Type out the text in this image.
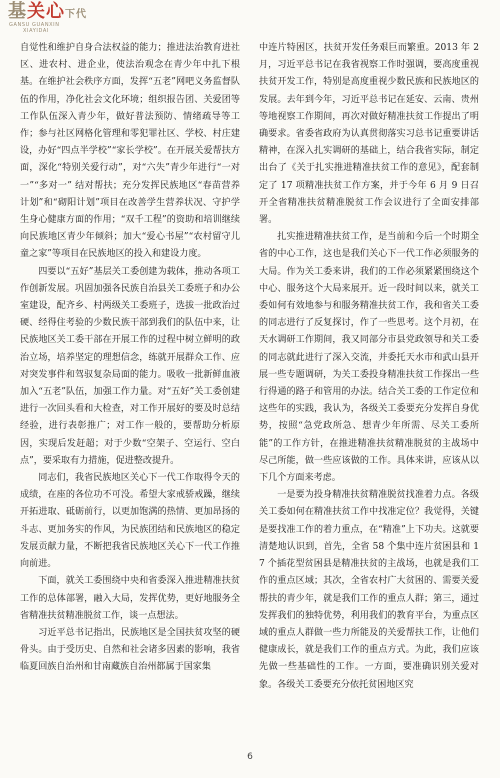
基关心下代
GANSU GUANXIN
XIAYIDAI

自觉性和维护自身合法权益的能力；推进法治教育进社区、进农村、进企业，使法治观念在青少年中扎下根基。在维护社会秩序方面，发挥“五老”网吧义务监督队伍的作用，净化社会文化环境；组织报告团、关爱团等工作队伍深入青少年，做好普法预防、情绪疏导等工作；参与社区网格化管理和零犯罪社区、学校、村庄建设，办好“四点半学校”“家长学校”。在开展关爱帮扶方面，深化“特别关爱行动”，对“六失”青少年进行“一对一”“多对一” 结对帮扶；充分发挥民族地区“春苗营养计划”和“砌阳计划”项目在改善学生营养状况、守护学生身心健康方面的作用；“双千工程”的资助和培训继续向民族地区青少年倾斜；加大“爱心书屋”“农村留守儿童之家”等项目在民族地区的投入和建设力度。

四要以“五好”基层关工委创建为载体，推动各项工作创新发展。巩固加强各民族自治县关工委班子和办公室建设，配齐乡、村两级关工委班子，选拔一批政治过硬、经得住考验的少数民族干部到我们的队伍中来，让民族地区关工委干部在开展工作的过程中树立鲜明的政治立场，培养坚定的理想信念，练就开展群众工作、应对突发事件和驾驭复杂局面的能力。吸收一批新鲜血液加入“五老”队伍，加强工作力量。对“五好”关工委创建进行一次回头看和大检查，对工作开展好的要及时总结经验，进行表彰推广；对工作一般的，要帮助分析原因，实现后发赶超；对于少数“空架子、空运行、空白点”，要采取有力措施，促进整改提升。

同志们，我省民族地区关心下一代工作取得令天的成绩，在座的各位功不可没。希望大家戒骄戒躁，继续开拓进取、砥砺前行，以更加饱满的热情、更加昂扬的斗志、更加务实的作风，为民族团结和民族地区的稳定发展贡献力量，不断把我省民族地区关心下一代工作推向前进。

下面，就关工委围绕中央和省委深入推进精准扶贫工作的总体部署，融入大局，发挥优势，更好地服务全省精准扶贫精准脱贫工作，谈一点想法。

习近平总书记指出，民族地区是全国扶贫攻坚的硬骨头。由于受历史、自然和社会诸多因素的影响，我省临夏回族自治州和甘南藏族自治州都属于国家集

中连片特困区，扶贫开发任务艰巨而繁重。2013 年 2 月，习近平总书记在我省视察工作时强调，要高度重视扶贫开发工作，特别是高度重视少数民族和民族地区的发展。去年到今年，习近平总书记在延安、云南、贵州等地视察工作期间，再次对做好精准扶贫工作提出了明确要求。省委省政府为认真贯彻落实习总书记重要讲话精神，在深入扎实调研的基础上，结合我省实际，制定出台了《关于扎实推进精准扶贫工作的意见》，配套制定了 17 项精准扶贫工作方案，并于今年 6 月 9 日召开全省精准扶贫精准脱贫工作会议进行了全面安排部署。

扎实推进精准扶贫工作，是当前和今后一个时期全省的中心工作，这也是我们关心下一代工作必须服务的大局。作为关工委来讲，我们的工作必须紧紧围绕这个中心、服务这个大局来展开。近一段时间以来，就关工委如何有效地参与和服务精准扶贫工作，我和省关工委的同志进行了反复探讨，作了一些思考。这个月初，在天水调研工作期间，我又同部分市县党政领导和关工委的同志就此进行了深入交流，并委托天水市和武山县开展一些专题调研，为关工委投身精准扶贫工作探出一些行得通的路子和管用的办法。结合关工委的工作定位和这些年的实践，我认为，各级关工委要充分发挥自身优势，按照“急党政所急、想青少年所需、尽关工委所能”的工作方针，在推进精准扶贫精准脱贫的主战场中尽己所能，做一些应该做的工作。具体来讲，应该从以下几个方面来考虑。

一是要为投身精准扶贫精准脱贫找准着力点。各级关工委如何在精准扶贫工作中找准定位？我觉得，关键是要找准工作的着力重点，在“精准”上下功夫。这就要清楚地认识到，首先，全省 58 个集中连片贫困县和 17 个插花型贫困县是精准扶贫的主战场，也就是我们工作的重点区域；其次，全省农村广大贫困的、需要关爱帮扶的青少年，就是我们工作的重点人群；第三，通过发挥我们的独特优势，利用我们的教育平台，为重点区域的重点人群做一些力所能及的关爱帮扶工作，让他们健康成长，就是我们工作的重点方式。为此，我们应该先做一些基础性的工作。一方面，要准确识别关爱对象。各级关工委要充分依托贫困地区究

6
